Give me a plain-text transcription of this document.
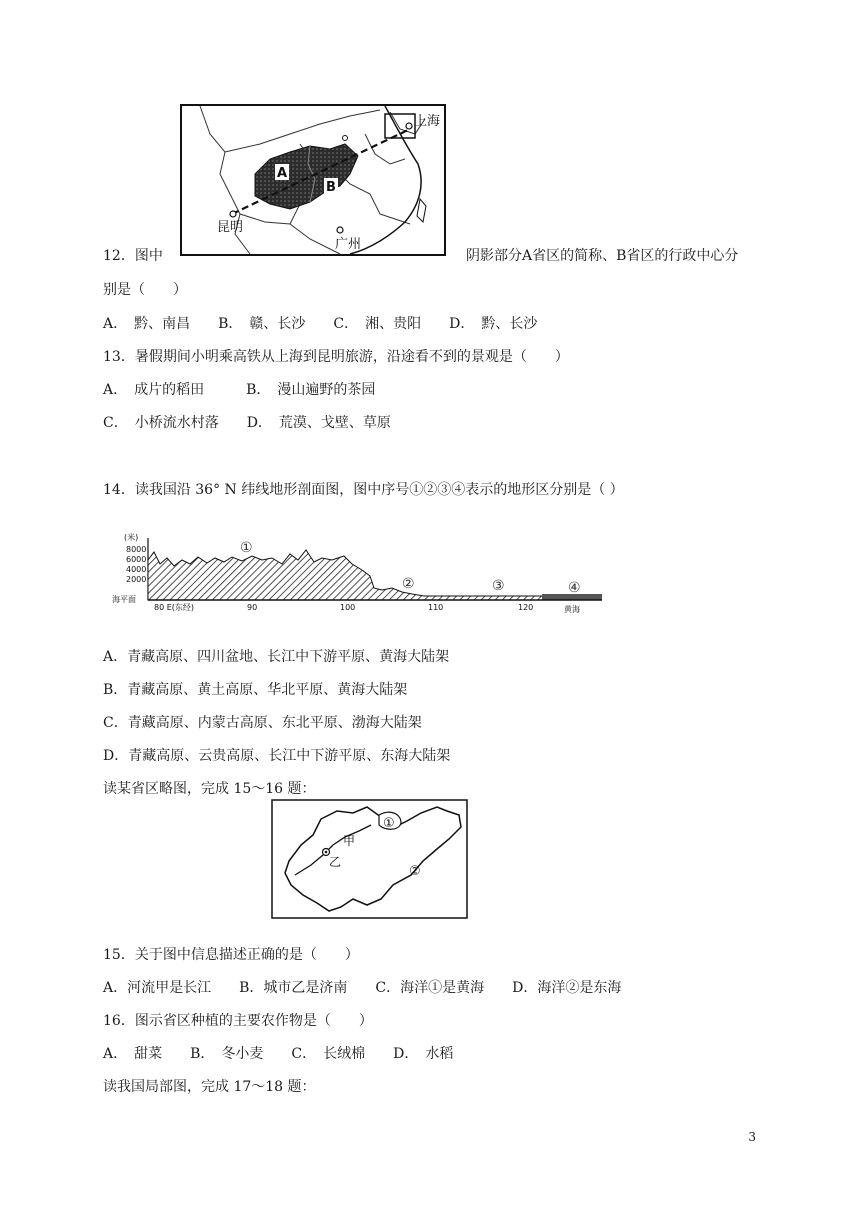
上海
昆明
广州
A
B
12．图中	阴影部分A省区的简称、B省区的行政中心分
别是（　　）
A．　黔、南昌　　B．　赣、长沙　　C．　湘、贵阳　　D．　黔、长沙
13．暑假期间小明乘高铁从上海到昆明旅游，沿途看不到的景观是（　　）
A．　成片的稻田　　　B．　漫山遍野的茶园
C．　小桥流水村落　　D．　荒漠、戈壁、草原
14．读我国沿 36° N 纬线地形剖面图，图中序号①②③④表示的地形区分别是（ ）
(米)
8000
6000
4000
2000
海平面
①
②	③	④
80 E(东经)	90	100	110	120	黄海
A．青藏高原、四川盆地、长江中下游平原、黄海大陆架
B．青藏高原、黄土高原、华北平原、黄海大陆架
C．青藏高原、内蒙古高原、东北平原、渤海大陆架
D．青藏高原、云贵高原、长江中下游平原、东海大陆架
读某省区略图，完成 15～16 题：
甲
乙
①
②
15．关于图中信息描述正确的是（　　）
A．河流甲是长江　　B．城市乙是济南　　C．海洋①是黄海　　D．海洋②是东海
16．图示省区种植的主要农作物是（　　）
A．　甜菜　　B．　冬小麦　　C．　长绒棉　　D．　水稻
读我国局部图，完成 17～18 题：
3
